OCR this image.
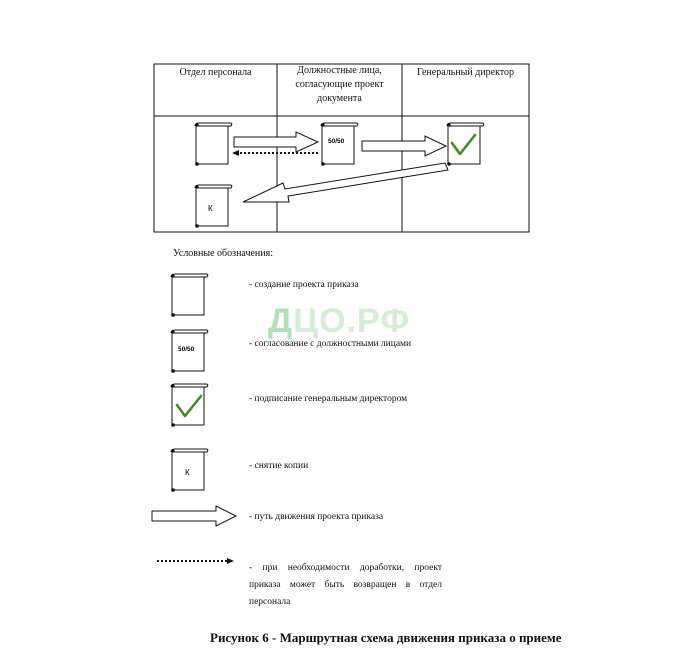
50/50
К
50/50
К
Отдел персонала	Должностные лица,
согласующие проект
документа
Генеральный директор
ДЦО.РФ
Условные обозначения:
- создание проекта приказа
- согласование с должностными лицами
- подписание генеральным директором
- снятие копии
- путь движения проекта приказа
- при необходимости доработки, проект приказа может быть возвращен в отдел персонала
Рисунок 6 - Маршрутная схема движения приказа о приеме
